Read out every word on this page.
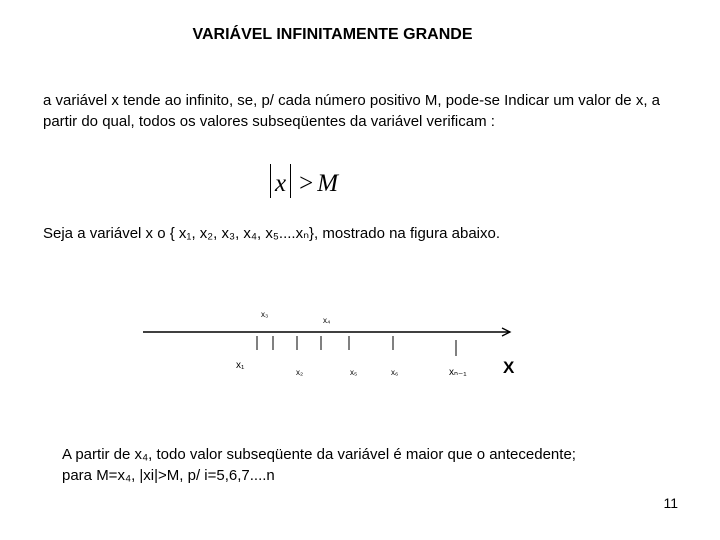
VARIÁVEL INFINITAMENTE GRANDE
a variável x tende ao infinito, se, p/ cada número positivo M, pode-se Indicar um valor de x, a partir do qual, todos os valores subseqüentes da variável verificam :
x > M
Seja a variável x o { x₁, x₂, x₃, x₄, x₅....xₙ}, mostrado na figura abaixo.
x₃
x₄
x₁
x₂	x₅	x₆	xₙ₋₁ X
A partir de x₄, todo valor subseqüente da variável é maior que o antecedente;
para M=x₄, |xi|>M, p/ i=5,6,7....n
11
